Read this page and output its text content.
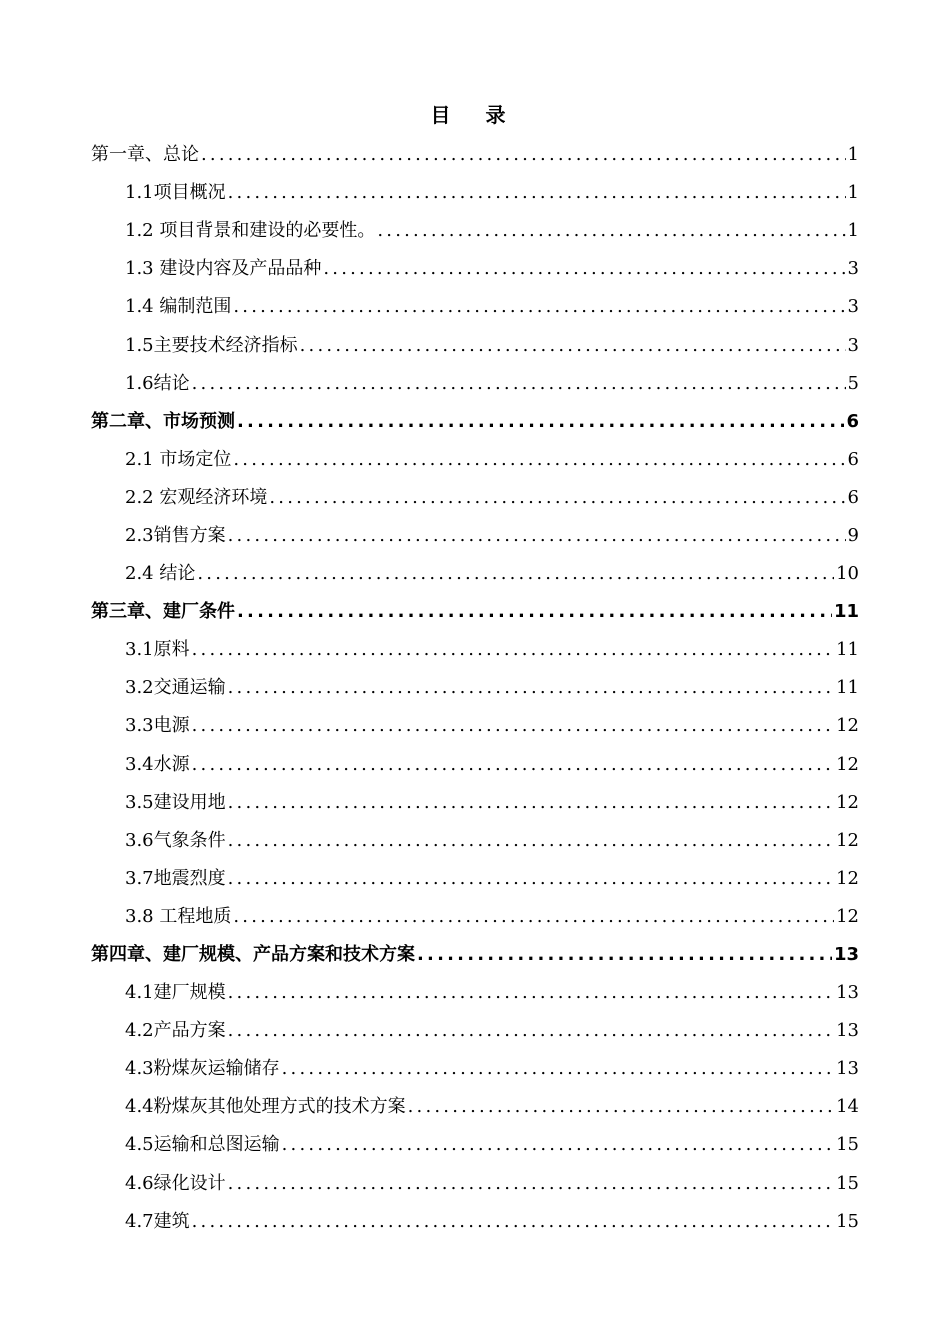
目 录
第一章、总论 .....	1
1.1项目概况 .....	1
1.2 项目背景和建设的必要性。 .....	1
1.3 建设内容及产品品种 .....	3
1.4 编制范围 .....	3
1.5主要技术经济指标 .....	3
1.6结论 .....	5
第二章、市场预测 .....	6
2.1 市场定位 .....	6
2.2 宏观经济环境 .....	6
2.3销售方案 .....	9
2.4 结论 .....	10
第三章、建厂条件 .....	11
3.1原料 .....	11
3.2交通运输 .....	11
3.3电源 .....	12
3.4水源 .....	12
3.5建设用地 .....	12
3.6气象条件 .....	12
3.7地震烈度 .....	12
3.8 工程地质 .....	12
第四章、建厂规模、产品方案和技术方案 .....	13
4.1建厂规模 .....	13
4.2产品方案 .....	13
4.3粉煤灰运输储存 .....	13
4.4粉煤灰其他处理方式的技术方案 .....	14
4.5运输和总图运输 .....	15
4.6绿化设计 .....	15
4.7建筑 .....	15
